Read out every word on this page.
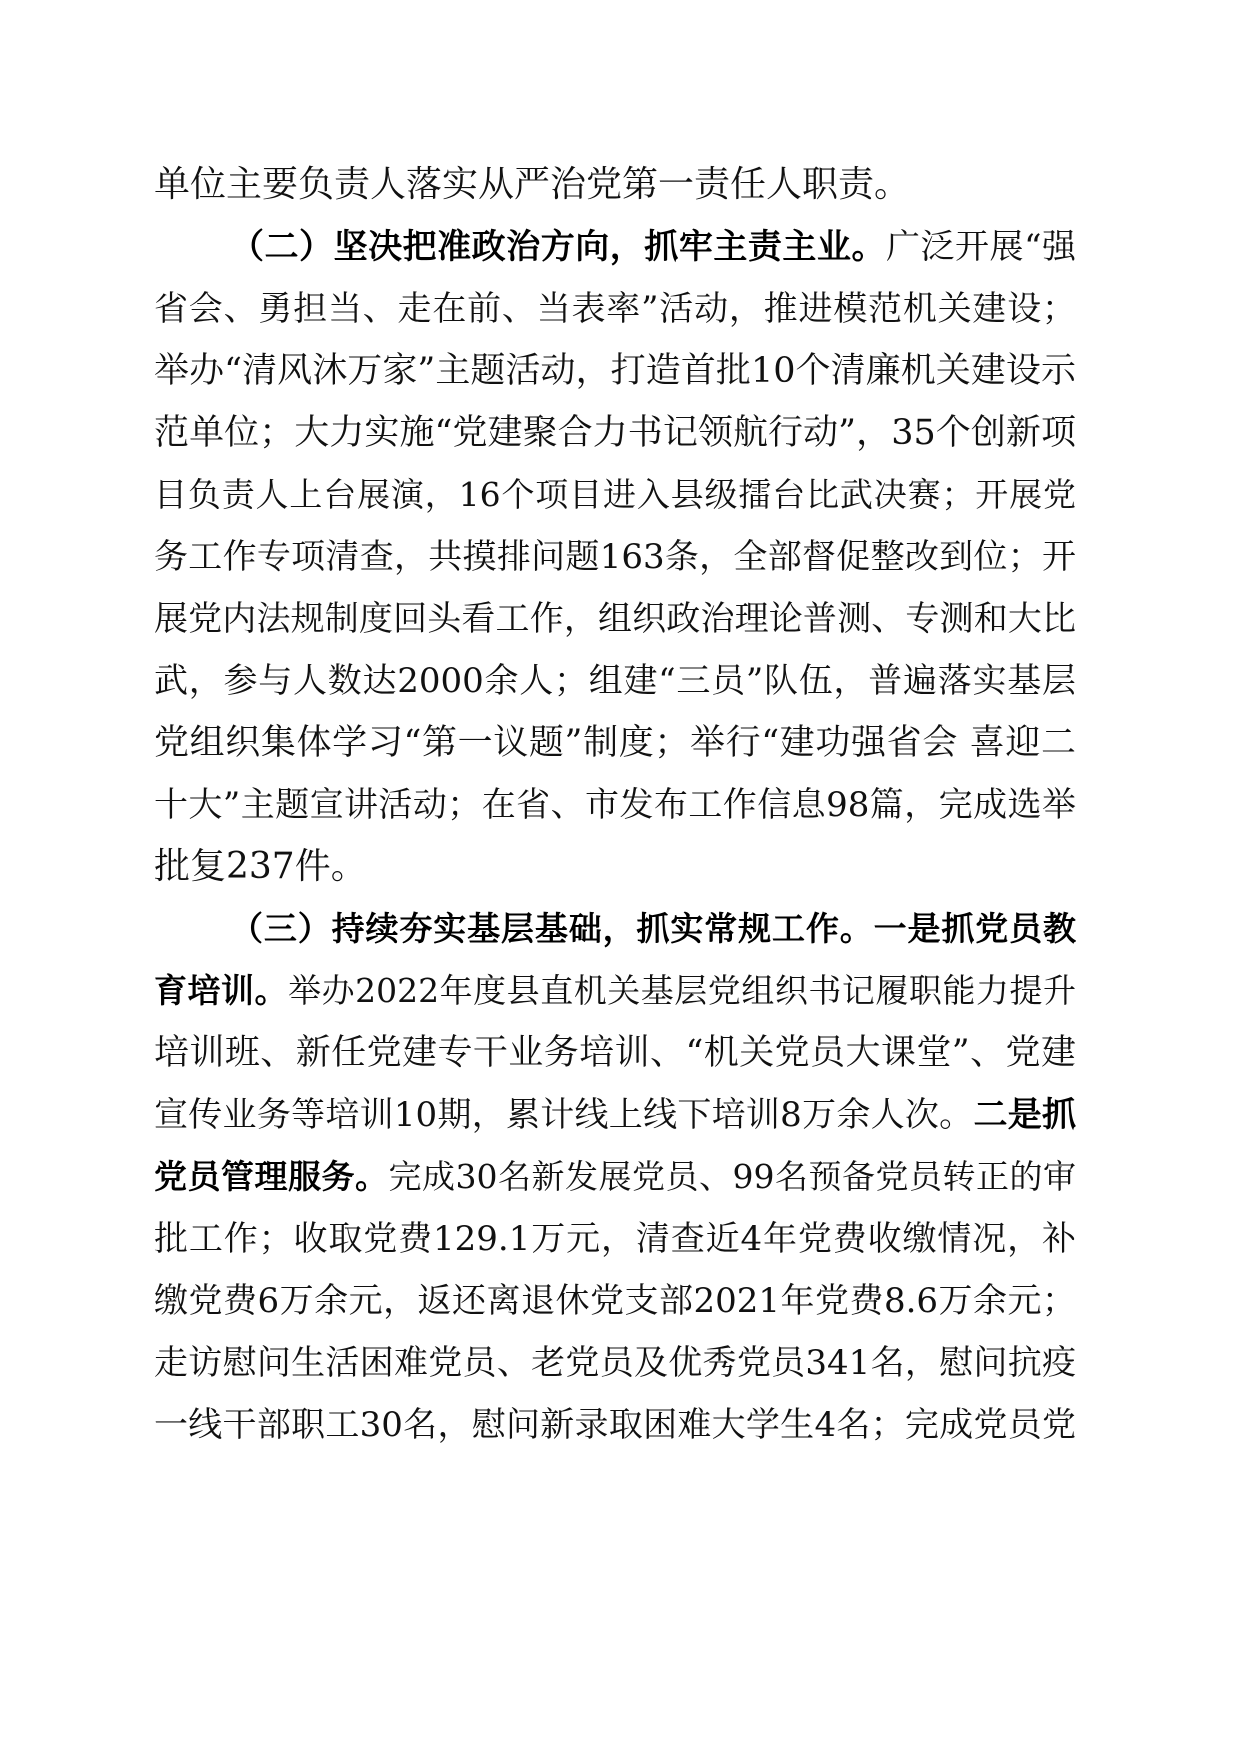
单位主要负责人落实从严治党第一责任人职责。
（二）坚决把准政治方向，抓牢主责主业。广泛开展“强
省会、勇担当、走在前、当表率”活动，推进模范机关建设；
举办“清风沐万家”主题活动，打造首批10个清廉机关建设示
范单位；大力实施“党建聚合力书记领航行动”，35个创新项
目负责人上台展演，16个项目进入县级擂台比武决赛；开展党
务工作专项清查，共摸排问题163条，全部督促整改到位；开
展党内法规制度回头看工作，组织政治理论普测、专测和大比
武，参与人数达2000余人；组建“三员”队伍，普遍落实基层
党组织集体学习“第一议题”制度；举行“建功强省会 喜迎二
十大”主题宣讲活动；在省、市发布工作信息98篇，完成选举
批复237件。
（三）持续夯实基层基础，抓实常规工作。一是抓党员教
育培训。举办2022年度县直机关基层党组织书记履职能力提升
培训班、新任党建专干业务培训、“机关党员大课堂”、党建
宣传业务等培训10期，累计线上线下培训8万余人次。二是抓
党员管理服务。完成30名新发展党员、99名预备党员转正的审
批工作；收取党费129.1万元，清查近4年党费收缴情况，补
缴党费6万余元，返还离退休党支部2021年党费8.6万余元；
走访慰问生活困难党员、老党员及优秀党员341名，慰问抗疫
一线干部职工30名，慰问新录取困难大学生4名；完成党员党
